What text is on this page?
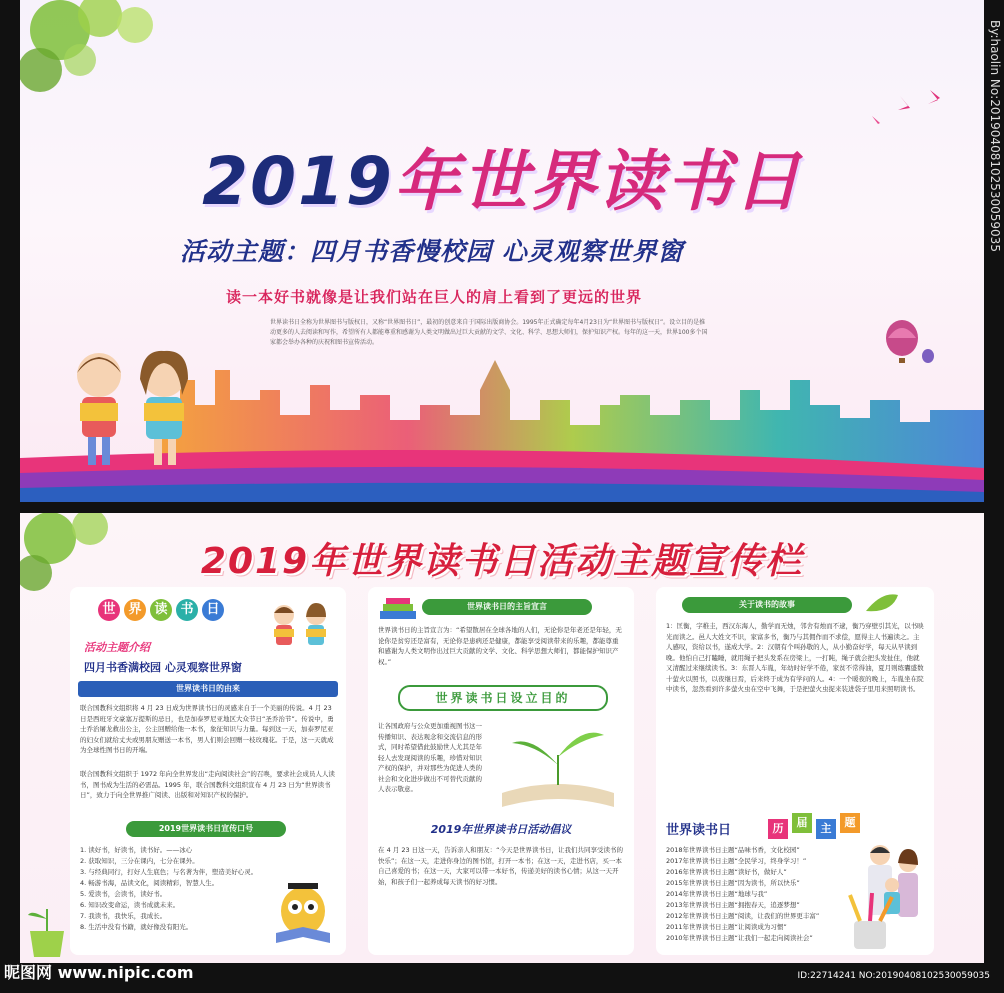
2019年世界读书日
活动主题：四月书香慢校园 心灵观察世界窗
读一本好书就像是让我们站在巨人的肩上看到了更远的世界
世界读书日全称为世界图书与版权日，又称“世界图书日”，最初的创意来自于国际出版商协会。1995年正式确定每年4月23日为“世界图书与版权日”。设立目的是推动更多的人去阅读和写作，希望所有人都能尊重和感谢为人类文明做出过巨大贡献的文学、文化、科学、思想大师们，保护知识产权。每年的这一天，世界100多个国家都会举办各种的庆祝和图书宣传活动。
2019年世界读书日活动主题宣传栏
世 界 读 书 日
活动主题介绍
四月书香满校园 心灵观察世界窗
世界读书日的由来
联合国教科文组织将 4 月 23 日成为世界读书日的灵感来自于一个美丽的传说。4 月 23 日是西班牙文豪塞万提斯的忌日，也是加泰罗尼亚地区大众节日“圣乔治节”。传说中，勇士乔治屠龙救出公主，公主回赠给他一本书，象征知识与力量。每到这一天，加泰罗尼亚的妇女们就给丈夫或男朋友赠送一本书，男人们则会回赠一枝玫瑰花。于是，这一天就成为全球性图书日的开端。
联合国教科文组织于 1972 年向全世界发出“走向阅读社会”的召唤，要求社会成员人人读书，图书成为生活的必需品。1995 年，联合国教科文组织宣布 4 月 23 日为“世界读书日”，致力于向全世界推广阅读、出版和对知识产权的保护。
2019世界读书日宣传口号
1. 读好书，好读书，读书好。——冰心
2. 获取知识，三分在课内，七分在课外。
3. 与经典同行，打好人生底色；与名著为伴，塑造美好心灵。
4. 畅游书海，品读文化，阅读精彩，智慧人生。
5. 爱读书，会读书，读好书。
6. 知识改变命运，读书成就未来。
7. 我读书，我快乐，我成长。
8. 生活中没有书籍，就好像没有阳光。
世界读书日的主旨宣言
世界读书日的主旨宣言为：“希望散居在全球各地的人们，无论你是年老还是年轻，无论你是贫穷还是富有，无论你是患病还是健康，都能享受阅读带来的乐趣，都能尊重和感谢为人类文明作出过巨大贡献的文学、文化、科学思想大师们，都能保护知识产权。”
世界读书日设立目的
让各国政府与公众更加重视图书这一传播知识、表达观念和交流信息的形式，同时希望借此鼓励世人尤其是年轻人去发现阅读的乐趣，珍惜对知识产权的保护，并对那些为促进人类的社会和文化进步做出不可替代贡献的人表示敬意。
2019年世界读书日活动倡议
在 4 月 23 日这一天，告诉亲人和朋友：“今天是世界读书日，让我们共同享受读书的快乐”；在这一天，走进你身边的图书馆，打开一本书；在这一天，走进书店，买一本自己喜爱的书；在这一天，大家可以带一本好书，传递美好的读书心情；从这一天开始，和孩子们一起养成每天读书的好习惯。
关于读书的故事
1：匡衡，字稚圭，西汉东海人，勤学而无烛，邻舍有烛而不逮，衡乃穿壁引其光，以书映光而读之。邑人大姓文不识，家富多书，衡乃与其佣作而不求偿，愿得主人书遍读之。主人感叹，资给以书，遂成大学。2：汉朝有个叫孙敬的人，从小勤奋好学，每天从早读到晚。他怕自己打瞌睡，就用绳子把头发系在房梁上，一打盹，绳子就会把头发扯住，他就又清醒过来继续读书。3：东晋人车胤，年幼时好学不倦，家贫不常得油，夏月则练囊盛数十萤火以照书，以夜继日焉，后来终于成为有学问的人。4：一个暖夜的晚上，车胤坐在院中读书，忽然看到许多萤火虫在空中飞舞，于是把萤火虫捉来装进袋子里用来照明读书。
世界读书日	历	届	主	题
2018年世界读书日主题“品味书香，文化校园”
2017年世界读书日主题“全民学习，终身学习！”
2016年世界读书日主题“读好书，做好人”
2015年世界读书日主题“因为读书，所以快乐”
2014年世界读书日主题“地球与我”
2013年世界读书日主题“拥抱春天，追逐梦想”
2012年世界读书日主题“阅读，让我们的世界更丰富”
2011年世界读书日主题“让阅读成为习惯”
2010年世界读书日主题“让我们一起走向阅读社会”
昵图网 www.nipic.com	ID:22714241 NO:20190408102530059035
By:haolin No:20190408102530059035
